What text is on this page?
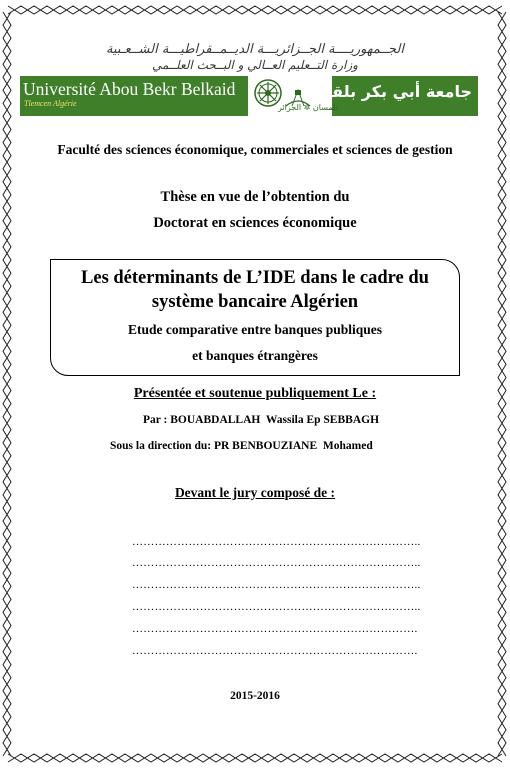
الجــمهوريــــة الجــزائريـــة الديــمــقراطيـــة الشــعـبية
وزارة التــعليم العــالي و البــحث العلــمي
Université Abou Bekr Belkaid
Tlemcen Algérie	تلمسان ✲ الجزائر
جامعة أبي بكر بلقايد
Faculté des sciences économique, commerciales et sciences de gestion
Thèse en vue de l’obtention du
Doctorat en sciences économique
Les déterminants de L’IDE dans le cadre du
système bancaire Algérien
Etude comparative entre banques publiques
et banques étrangères
Présentée et soutenue publiquement Le :
Par : BOUABDALLAH  Wassila Ep SEBBAGH
Sous la direction du: PR BENBOUZIANE  Mohamed
Devant le jury composé de :
…………………………………………………………………..
…………………………………………………………………..
…………………………………………………………………..
…………………………………………………………………..
………………………………………………………………….
………………………………………………………………….
2015-2016
